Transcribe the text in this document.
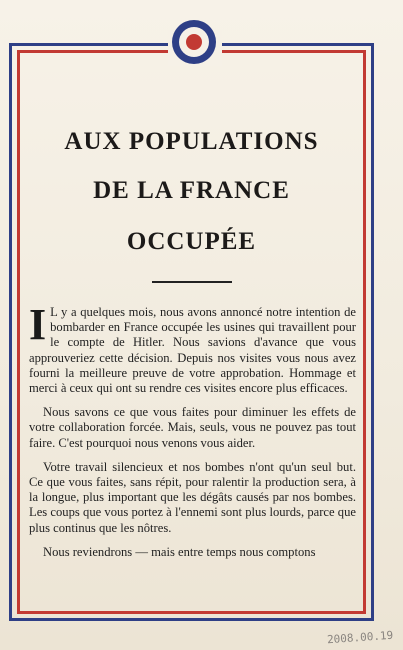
AUX POPULATIONS
DE LA FRANCE
OCCUPÉE

I L y a quelques mois, nous avons annoncé notre intention de bombarder en France occupée les usines qui travaillent pour le compte de Hitler. Nous savions d'avance que vous approuveriez cette décision. Depuis nos visites vous nous avez fourni la meilleure preuve de votre approbation. Hommage et merci à ceux qui ont su rendre ces visites encore plus efficaces.

Nous savons ce que vous faites pour diminuer les effets de votre collaboration forcée. Mais, seuls, vous ne pouvez pas tout faire. C'est pourquoi nous venons vous aider.

Votre travail silencieux et nos bombes n'ont qu'un seul but. Ce que vous faites, sans répit, pour ralentir la production sera, à la longue, plus important que les dégâts causés par nos bombes. Les coups que vous portez à l'ennemi sont plus lourds, parce que plus continus que les nôtres.

Nous reviendrons — mais entre temps nous comptons

2008.00.19
